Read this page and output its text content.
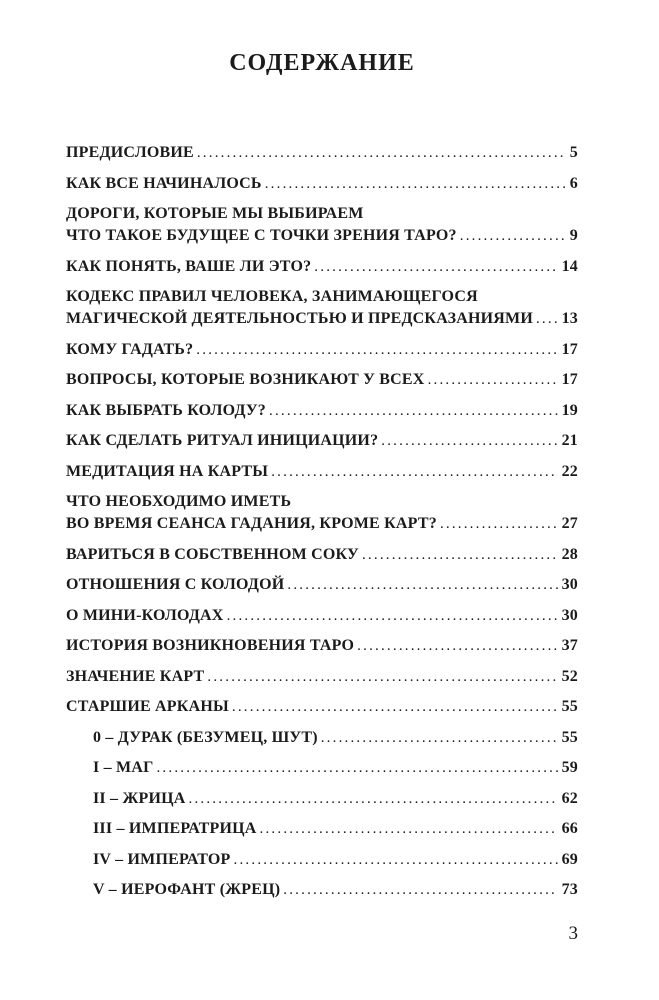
СОДЕРЖАНИЕ
ПРЕДИСЛОВИЕ .....	5
КАК ВСЕ НАЧИНАЛОСЬ .....	6
ДОРОГИ, КОТОРЫЕ МЫ ВЫБИРАЕМ
ЧТО ТАКОЕ БУДУЩЕЕ С ТОЧКИ ЗРЕНИЯ ТАРО? .....	9
КАК ПОНЯТЬ, ВАШЕ ЛИ ЭТО? .....	14
КОДЕКС ПРАВИЛ ЧЕЛОВЕКА, ЗАНИМАЮЩЕГОСЯ
МАГИЧЕСКОЙ ДЕЯТЕЛЬНОСТЬЮ И ПРЕДСКАЗАНИЯМИ ..... 13
КОМУ ГАДАТЬ? .....	17
ВОПРОСЫ, КОТОРЫЕ ВОЗНИКАЮТ У ВСЕХ .....	17
КАК ВЫБРАТЬ КОЛОДУ? .....	19
КАК СДЕЛАТЬ РИТУАЛ ИНИЦИАЦИИ? .....	21
МЕДИТАЦИЯ НА КАРТЫ .....	22
ЧТО НЕОБХОДИМО ИМЕТЬ
ВО ВРЕМЯ СЕАНСА ГАДАНИЯ, КРОМЕ КАРТ? .....	27
ВАРИТЬСЯ В СОБСТВЕННОМ СОКУ .....	28
ОТНОШЕНИЯ С КОЛОДОЙ .....	30
О МИНИ-КОЛОДАХ .....	30
ИСТОРИЯ ВОЗНИКНОВЕНИЯ ТАРО .....	37
ЗНАЧЕНИЕ КАРТ .....	52
СТАРШИЕ АРКАНЫ .....	55
0 – ДУРАК (БЕЗУМЕЦ, ШУТ) .....	55
I – МАГ .....	59
II – ЖРИЦА .....	62
III – ИМПЕРАТРИЦА .....	66
IV – ИМПЕРАТОР .....	69
V – ИЕРОФАНТ (ЖРЕЦ) .....	73
3
